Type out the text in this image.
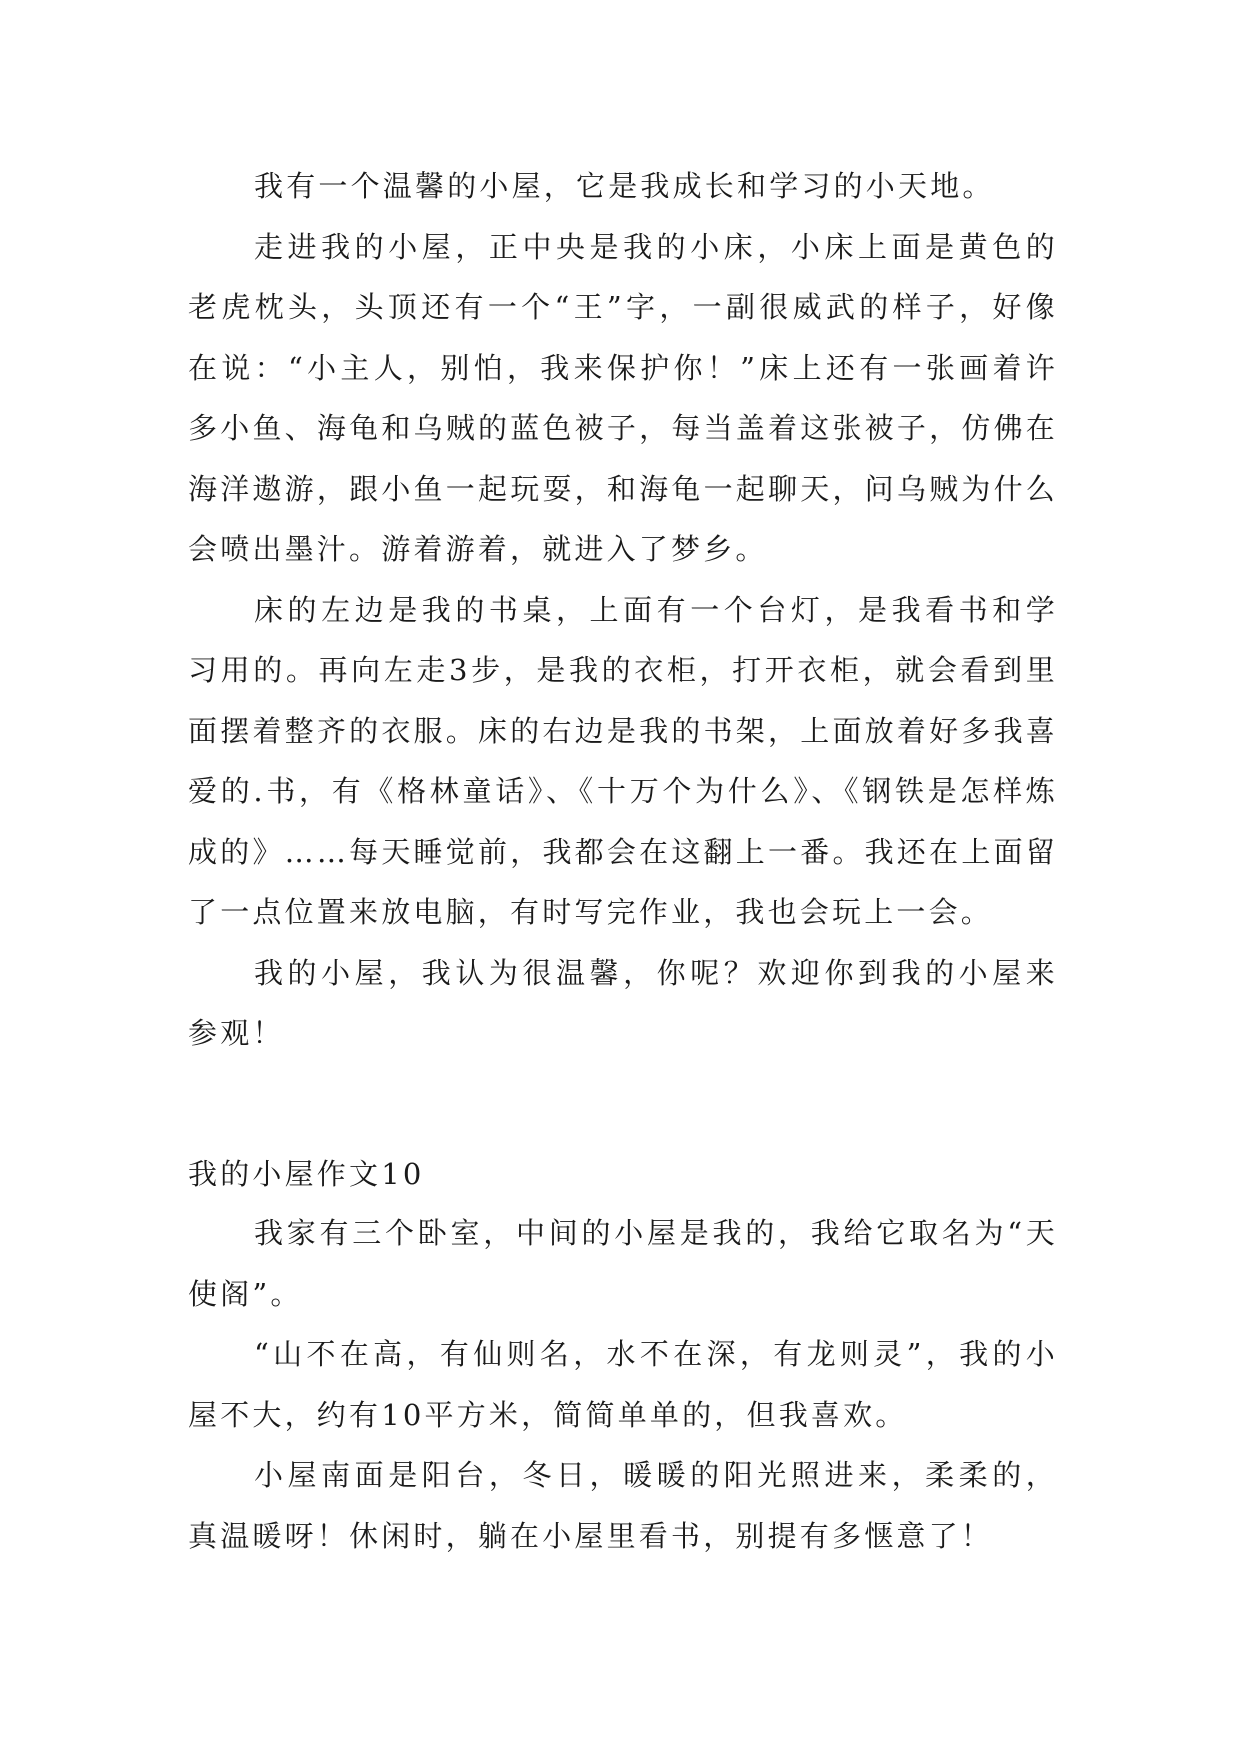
我有一个温馨的小屋，它是我成长和学习的小天地。

走进我的小屋，正中央是我的小床，小床上面是黄色的老虎枕头，头顶还有一个“王”字，一副很威武的样子，好像在说：“小主人，别怕，我来保护你！”床上还有一张画着许多小鱼、海龟和乌贼的蓝色被子，每当盖着这张被子，仿佛在海洋遨游，跟小鱼一起玩耍，和海龟一起聊天，问乌贼为什么会喷出墨汁。游着游着，就进入了梦乡。

床的左边是我的书桌，上面有一个台灯，是我看书和学习用的。再向左走3步，是我的衣柜，打开衣柜，就会看到里面摆着整齐的衣服。床的右边是我的书架，上面放着好多我喜爱的.书，有《格林童话》、《十万个为什么》、《钢铁是怎样炼成的》……每天睡觉前，我都会在这翻上一番。我还在上面留了一点位置来放电脑，有时写完作业，我也会玩上一会。

我的小屋，我认为很温馨，你呢？欢迎你到我的小屋来参观！

我的小屋作文10

我家有三个卧室，中间的小屋是我的，我给它取名为“天使阁”。

“山不在高，有仙则名，水不在深，有龙则灵”，我的小屋不大，约有10平方米，简简单单的，但我喜欢。

小屋南面是阳台，冬日，暖暖的阳光照进来，柔柔的，真温暖呀！休闲时，躺在小屋里看书，别提有多惬意了！
